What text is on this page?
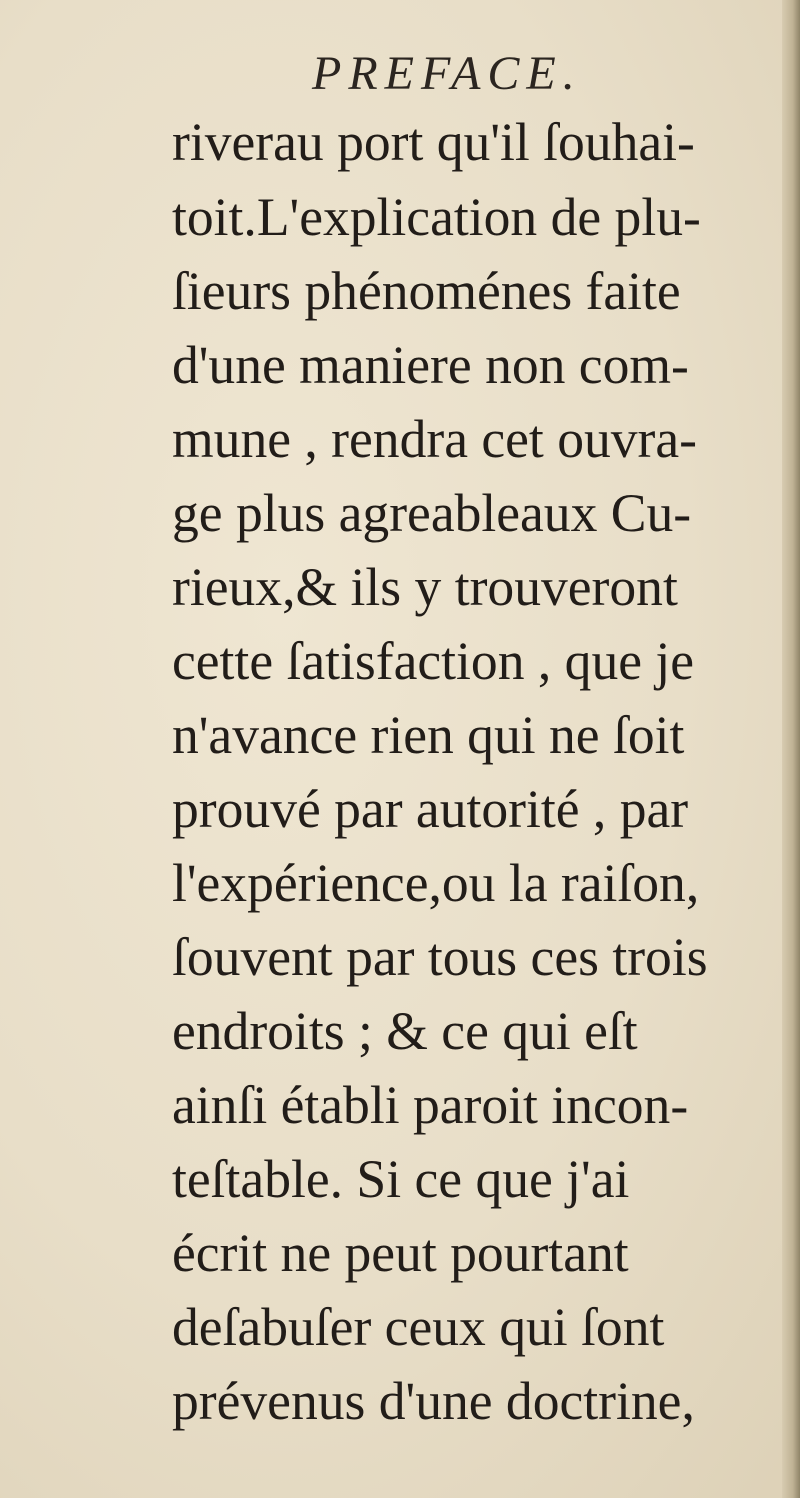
PREFACE.
riverau port qu'il ſouhai-
toit.L'explication de plu-
ſieurs phénoménes faite
d'une maniere non com-
mune , rendra cet ouvra-
ge plus agreableaux Cu-
rieux,& ils y trouveront
cette ſatisfaction , que je
n'avance rien qui ne ſoit
prouvé par autorité , par
l'expérience,ou la raiſon,
ſouvent par tous ces trois
endroits ; & ce qui eſt
ainſi établi paroit incon-
teſtable. Si ce que j'ai
écrit ne peut pourtant
deſabuſer ceux qui ſont
prévenus d'une doctrine,
